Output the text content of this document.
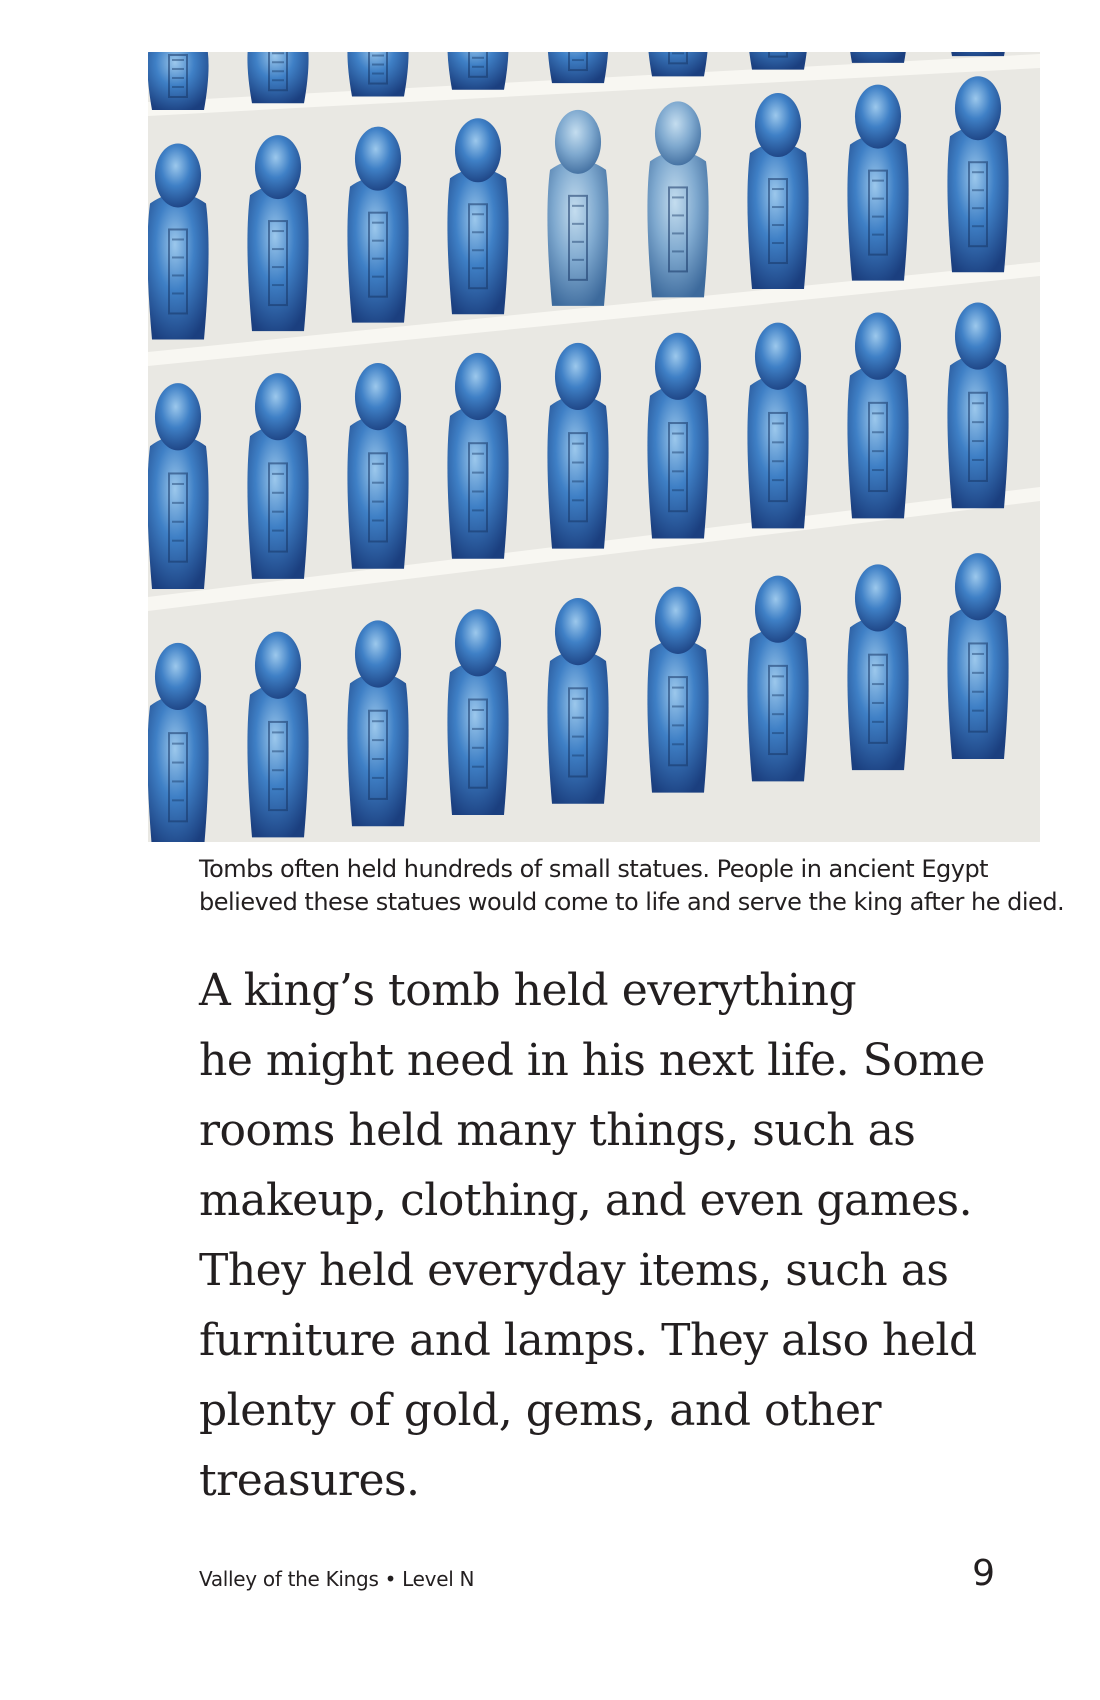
Tombs often held hundreds of small statues. People in ancient Egypt
believed these statues would come to life and serve the king after he died.
A king’s tomb held everything
he might need in his next life. Some
rooms held many things, such as
makeup, clothing, and even games.
They held everyday items, such as
furniture and lamps. They also held
plenty of gold, gems, and other
treasures.
Valley of the Kings • Level N	9
